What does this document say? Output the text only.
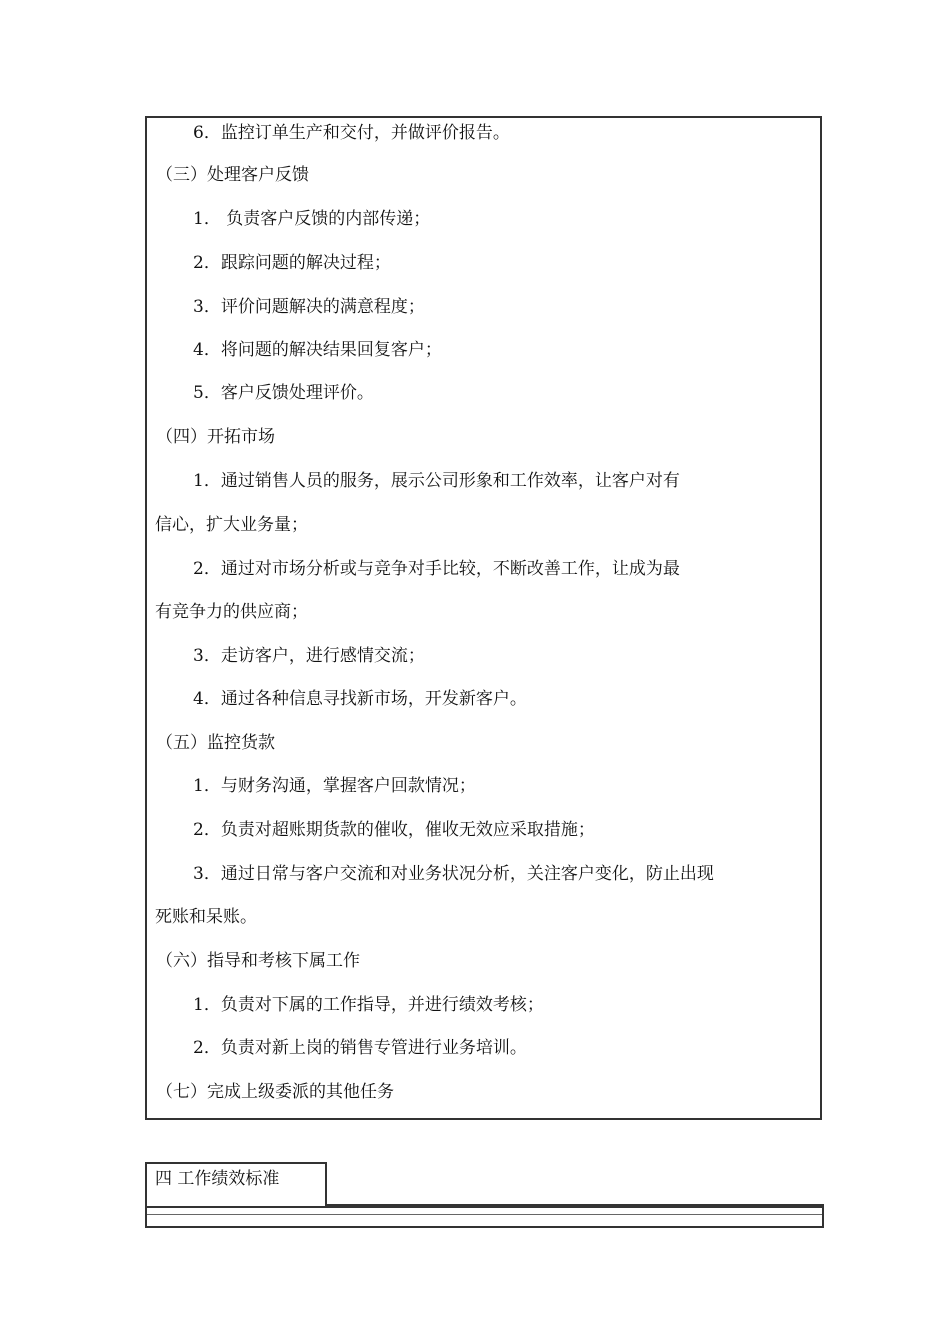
6．监控订单生产和交付，并做评价报告。
（三）处理客户反馈
1． 负责客户反馈的内部传递；
2．跟踪问题的解决过程；
3．评价问题解决的满意程度；
4．将问题的解决结果回复客户；
5．客户反馈处理评价。
（四）开拓市场
1．通过销售人员的服务，展示公司形象和工作效率，让客户对有
信心，扩大业务量；
2．通过对市场分析或与竞争对手比较，不断改善工作，让成为最
有竞争力的供应商；
3．走访客户，进行感情交流；
4．通过各种信息寻找新市场，开发新客户。
（五）监控货款
1．与财务沟通，掌握客户回款情况；
2．负责对超账期货款的催收，催收无效应采取措施；
3．通过日常与客户交流和对业务状况分析，关注客户变化，防止出现
死账和呆账。
（六）指导和考核下属工作
1．负责对下属的工作指导，并进行绩效考核；
2．负责对新上岗的销售专管进行业务培训。
（七）完成上级委派的其他任务
四 工作绩效标准
